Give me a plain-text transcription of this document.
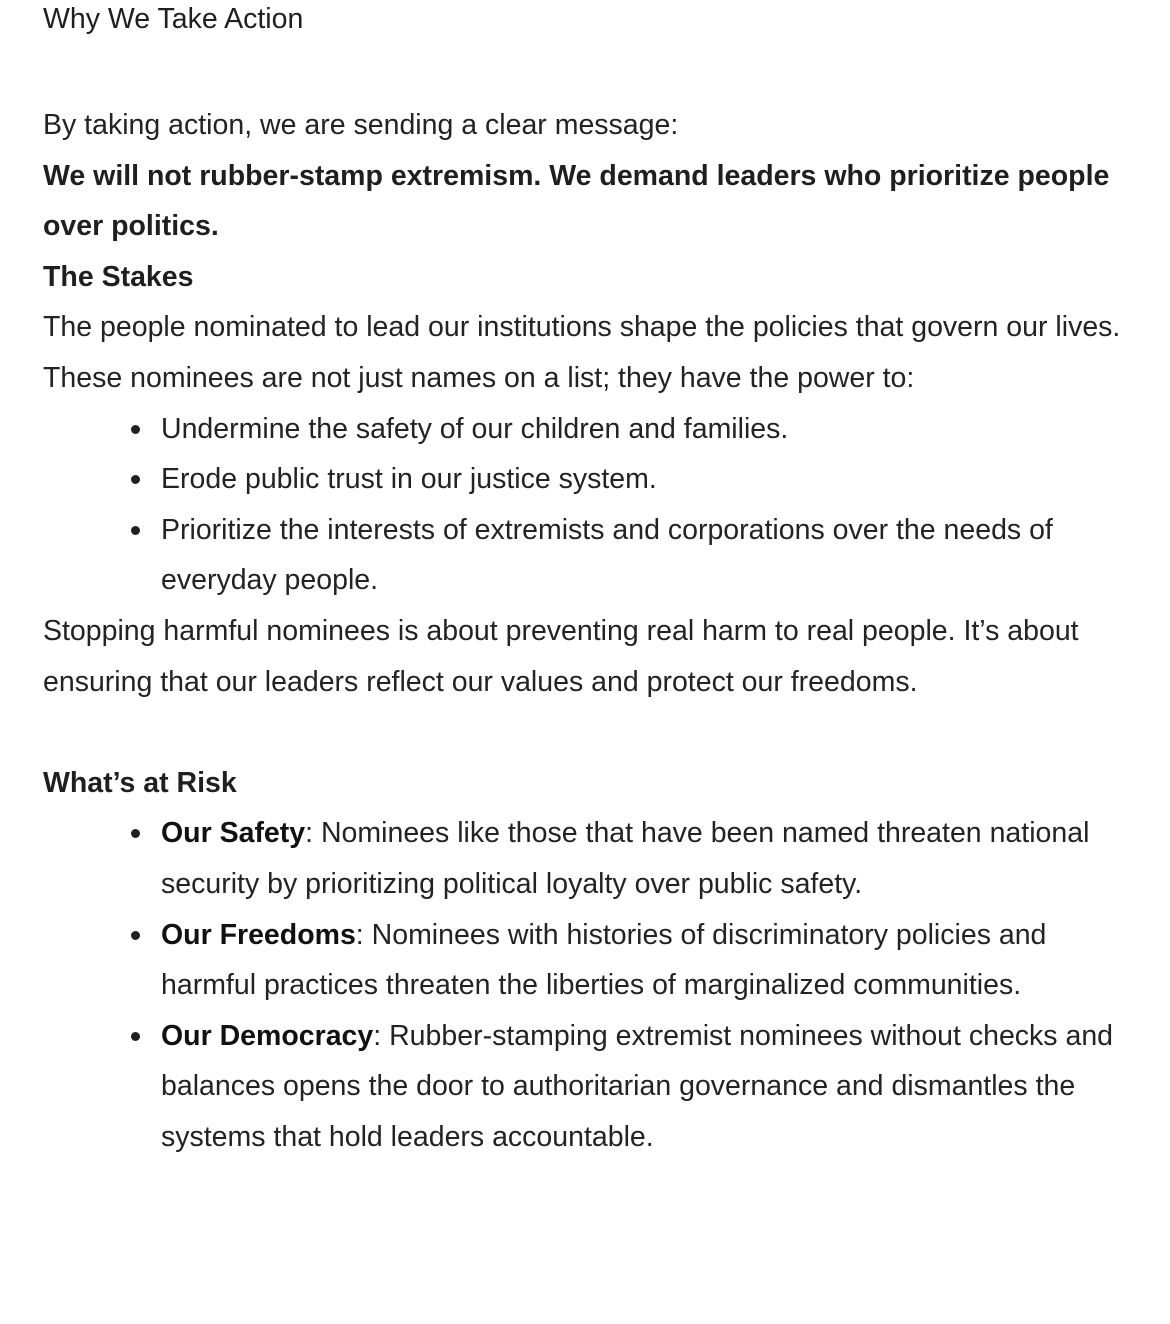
Why We Take Action

By taking action, we are sending a clear message:

We will not rubber-stamp extremism. We demand leaders who prioritize people over politics.

The Stakes

The people nominated to lead our institutions shape the policies that govern our lives. These nominees are not just names on a list; they have the power to:

Undermine the safety of our children and families.
Erode public trust in our justice system.
Prioritize the interests of extremists and corporations over the needs of everyday people.

Stopping harmful nominees is about preventing real harm to real people. It’s about ensuring that our leaders reflect our values and protect our freedoms.

What’s at Risk
Our Safety: Nominees like those that have been named threaten national security by prioritizing political loyalty over public safety.
Our Freedoms: Nominees with histories of discriminatory policies and harmful practices threaten the liberties of marginalized communities.
Our Democracy: Rubber-stamping extremist nominees without checks and balances opens the door to authoritarian governance and dismantles the systems that hold leaders accountable.
